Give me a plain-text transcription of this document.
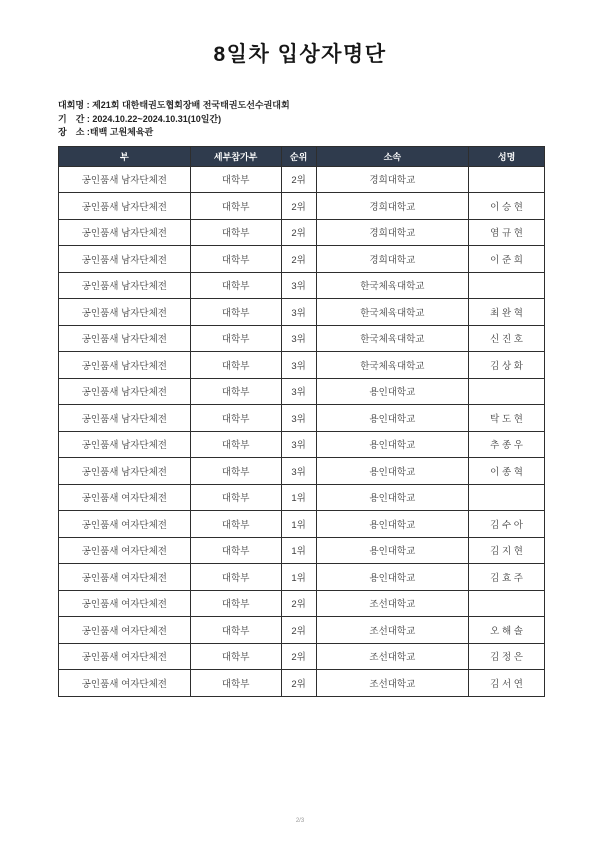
8일차 입상자명단
대회명 : 제21회 대한태권도협회장배 전국태권도선수권대회
기　간 : 2024.10.22~2024.10.31(10일간)
장　소 :태백 고원체육관
부	세부참가부	순위	소속	성명
공인품새 남자단체전	대학부	2위	경희대학교	
공인품새 남자단체전	대학부	2위	경희대학교	이 승 현
공인품새 남자단체전	대학부	2위	경희대학교	염 규 현
공인품새 남자단체전	대학부	2위	경희대학교	이 준 희
공인품새 남자단체전	대학부	3위	한국체육대학교	
공인품새 남자단체전	대학부	3위	한국체육대학교	최 완 혁
공인품새 남자단체전	대학부	3위	한국체육대학교	신 진 호
공인품새 남자단체전	대학부	3위	한국체육대학교	김 상 화
공인품새 남자단체전	대학부	3위	용인대학교	
공인품새 남자단체전	대학부	3위	용인대학교	탁 도 현
공인품새 남자단체전	대학부	3위	용인대학교	추 종 우
공인품새 남자단체전	대학부	3위	용인대학교	이 종 혁
공인품새 여자단체전	대학부	1위	용인대학교	
공인품새 여자단체전	대학부	1위	용인대학교	김 수 아
공인품새 여자단체전	대학부	1위	용인대학교	김 지 현
공인품새 여자단체전	대학부	1위	용인대학교	김 효 주
공인품새 여자단체전	대학부	2위	조선대학교	
공인품새 여자단체전	대학부	2위	조선대학교	오 해 솔
공인품새 여자단체전	대학부	2위	조선대학교	김 정 은
공인품새 여자단체전	대학부	2위	조선대학교	김 서 연
2/3
